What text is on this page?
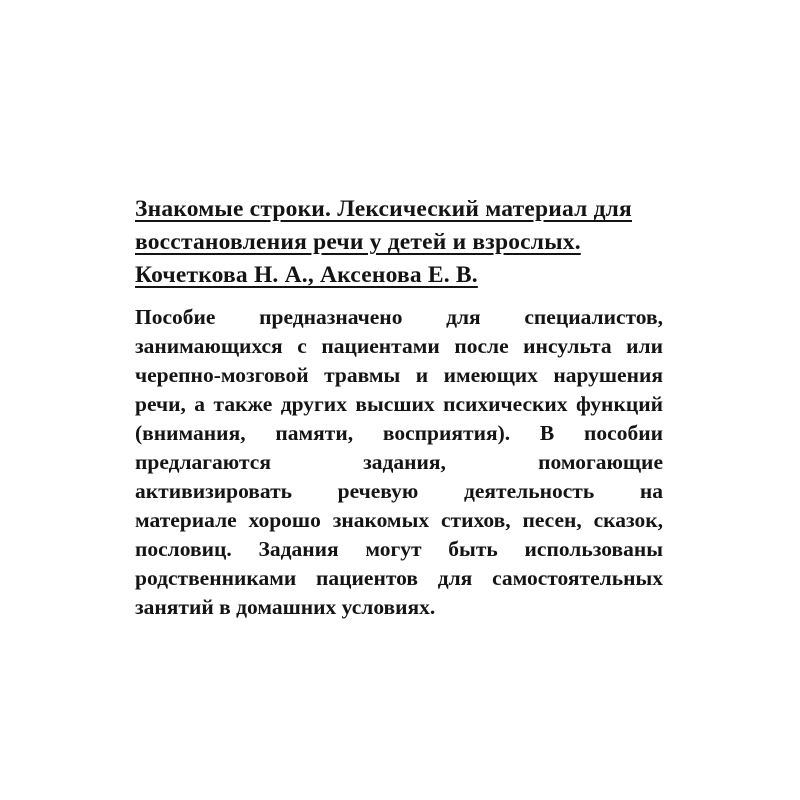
Знакомые строки. Лексический материал для
восстановления речи у детей и взрослых.
Кочеткова Н. А., Аксенова Е. В.
Пособие предназначено для специалистов,
занимающихся с пациентами после инсульта или
черепно-мозговой травмы и имеющих нарушения
речи, а также других высших психических функций
(внимания, памяти, восприятия). В пособии
предлагаются задания, помогающие
активизировать речевую деятельность на
материале хорошо знакомых стихов, песен, сказок,
пословиц. Задания могут быть использованы
родственниками пациентов для самостоятельных
занятий в домашних условиях.
